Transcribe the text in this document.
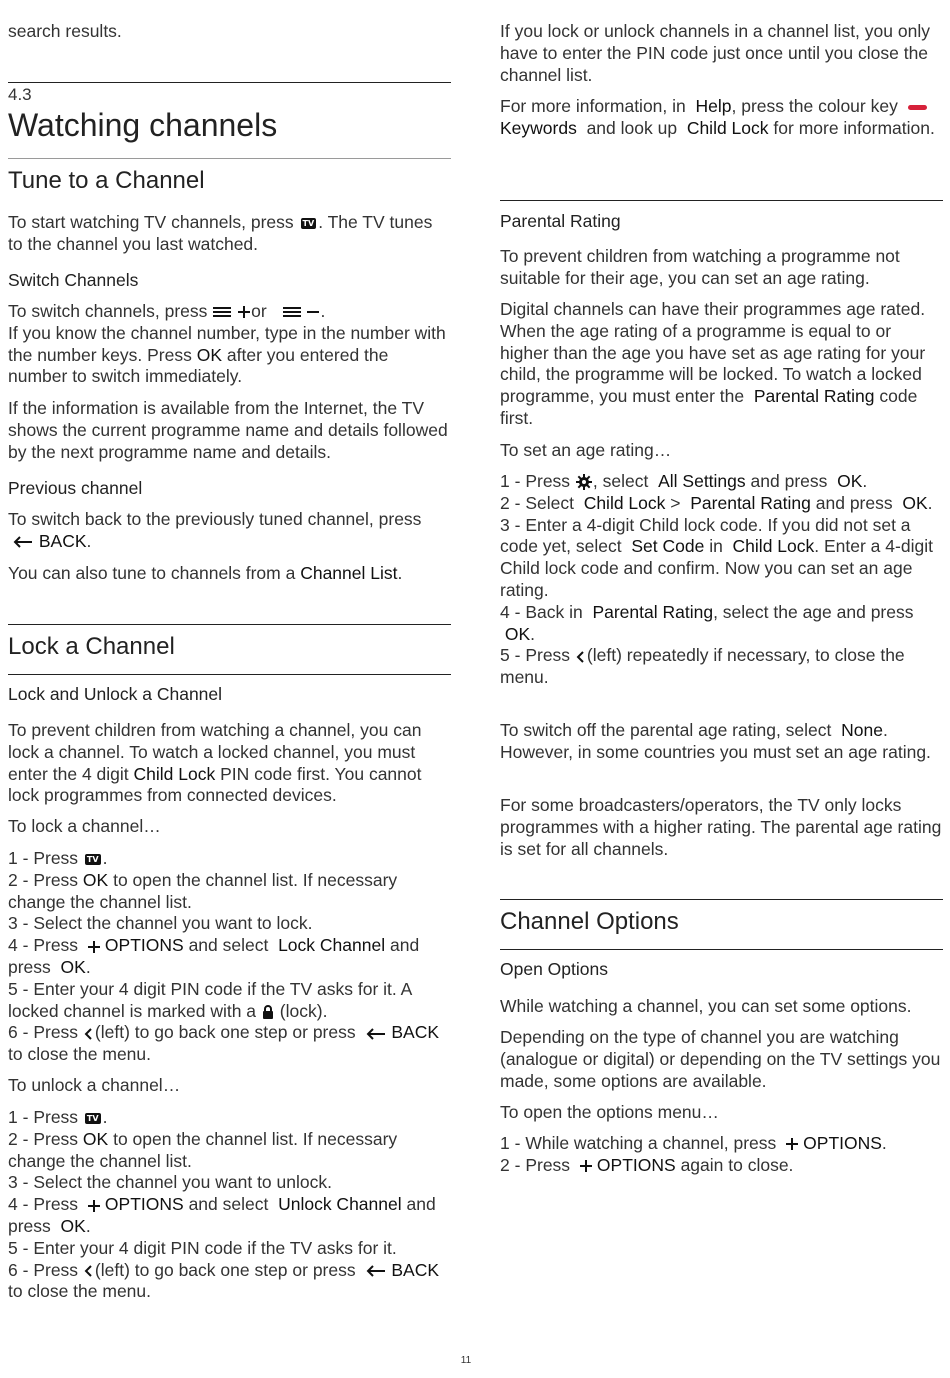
search results.

4.3
Watching channels
Tune to a Channel

To start watching TV channels, press TV . The TV tunes to the channel you last watched.

Switch Channels

To switch channels, press	or	.
If you know the channel number, type in the number with the number keys. Press OK after you entered the number to switch immediately.

If the information is available from the Internet, the TV shows the current programme name and details followed by the next programme name and details.

Previous channel

To switch back to the previously tuned channel, press  BACK.

You can also tune to channels from a Channel List.

Lock a Channel
Lock and Unlock a Channel

To prevent children from watching a channel, you can lock a channel. To watch a locked channel, you must enter the 4 digit Child Lock PIN code first. You cannot lock programmes from connected devices.

To lock a channel…

1 - Press TV .
2 - Press OK to open the channel list. If necessary change the channel list.
3 - Select the channel you want to lock.
4 - Press OPTIONS and select Lock Channel and press OK.
5 - Enter your 4 digit PIN code if the TV asks for it. A locked channel is marked with a (lock).
6 - Press (left) to go back one step or press BACK to close the menu.

To unlock a channel…

1 - Press TV .
2 - Press OK to open the channel list. If necessary change the channel list.
3 - Select the channel you want to unlock.
4 - Press OPTIONS and select Unlock Channel and press OK.
5 - Enter your 4 digit PIN code if the TV asks for it.
6 - Press (left) to go back one step or press BACK to close the menu.

If you lock or unlock channels in a channel list, you only have to enter the PIN code just once until you close the channel list.

For more information, in Help, press the colour keyKeywords and look up Child Lock for more information.

Parental Rating

To prevent children from watching a programme not suitable for their age, you can set an age rating.

Digital channels can have their programmes age rated. When the age rating of a programme is equal to or higher than the age you have set as age rating for your child, the programme will be locked. To watch a locked programme, you must enter the Parental Rating code first.

To set an age rating…

1 - Press , select All Settings and press OK.
2 - Select Child Lock > Parental Rating and press OK.
3 - Enter a 4-digit Child lock code. If you did not set a code yet, select Set Code in Child Lock. Enter a 4-digit Child lock code and confirm. Now you can set an age rating.
4 - Back in Parental Rating, select the age and press  OK.
5 - Press (left) repeatedly if necessary, to close the menu.

To switch off the parental age rating, select None. However, in some countries you must set an age rating.

For some broadcasters/operators, the TV only locks programmes with a higher rating. The parental age rating is set for all channels.

Channel Options
Open Options

While watching a channel, you can set some options.

Depending on the type of channel you are watching (analogue or digital) or depending on the TV settings you made, some options are available.

To open the options menu…

1 - While watching a channel, press OPTIONS.
2 - Press OPTIONS again to close.

11
